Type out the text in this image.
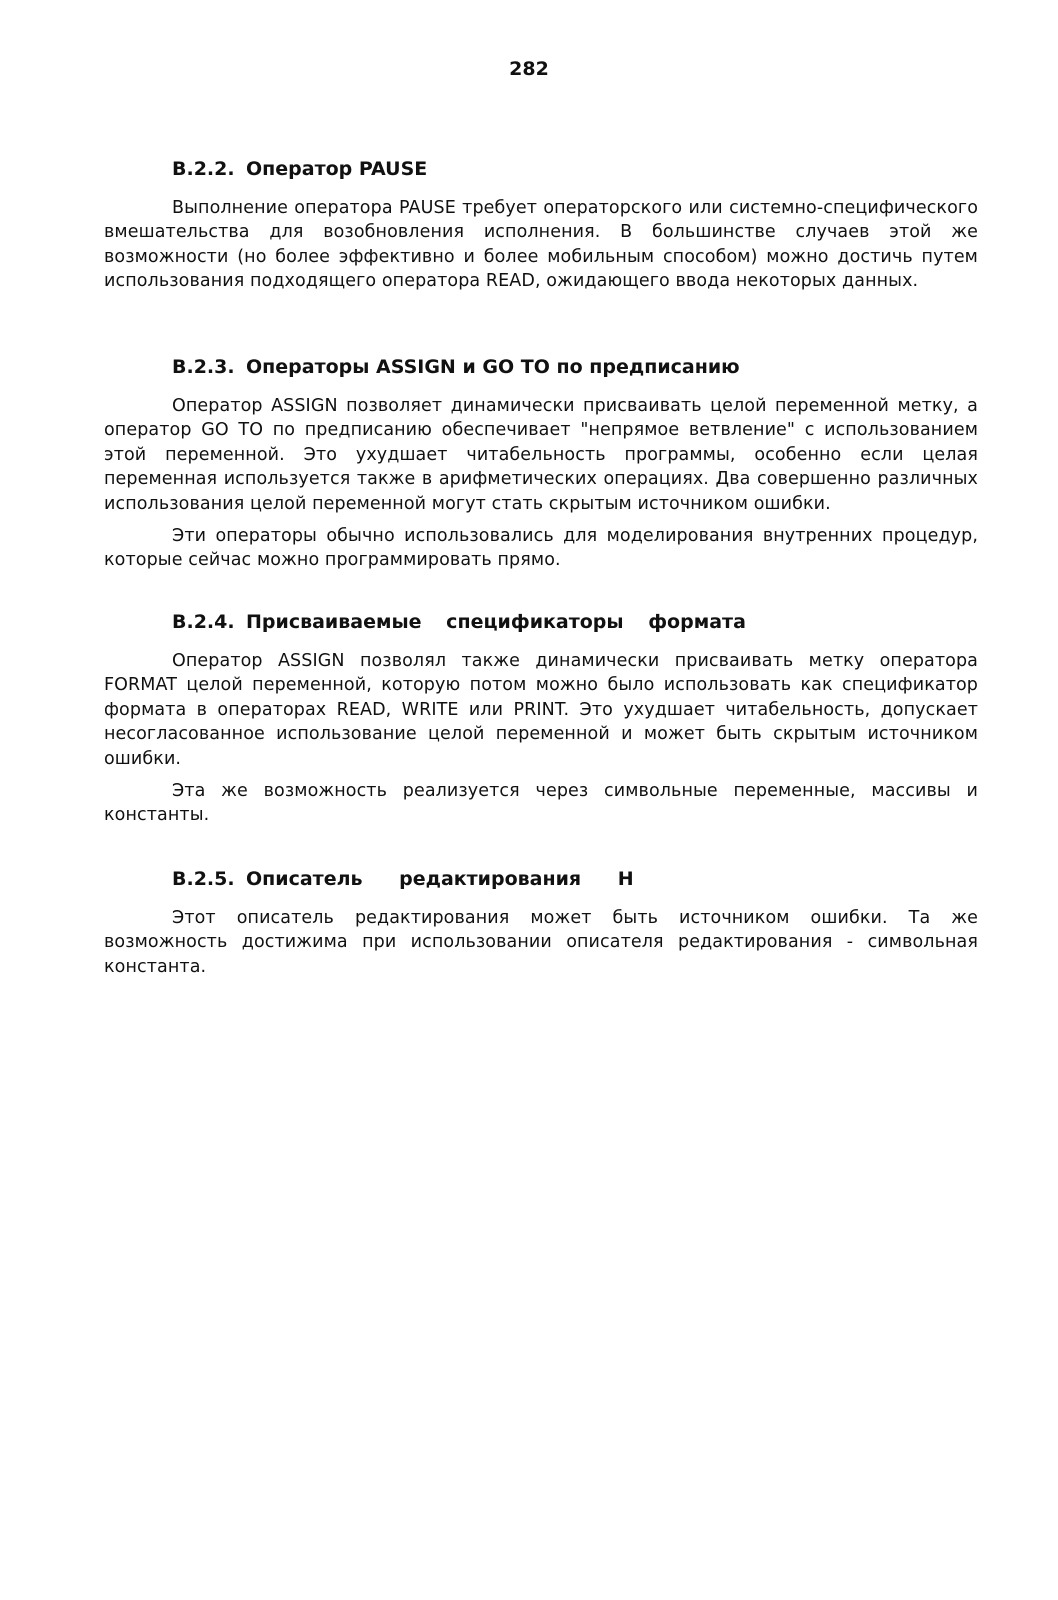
282
B.2.2. Оператор PAUSE

Выполнение оператора PAUSE требует операторского или системно-специфического вмешательства для возобновления исполнения. В большинстве случаев этой же возможности (но более эффективно и более мобильным способом) можно достичь путем использования подходящего оператора READ, ожидающего ввода некоторых данных.

B.2.3. Операторы ASSIGN и GO TO по предписанию

Оператор ASSIGN позволяет динамически присваивать целой переменной метку, а оператор GO TO по предписанию обеспечивает "непрямое ветвление" с использованием этой переменной. Это ухудшает читабельность программы, особенно если целая переменная используется также в арифметических операциях. Два совершенно различных использования целой переменной могут стать скрытым источником ошибки.

Эти операторы обычно использовались для моделирования внутренних процедур, которые сейчас можно программировать прямо.

B.2.4. Присваиваемые спецификаторы формата

Оператор ASSIGN позволял также динамически присваивать метку оператора FORMAT целой переменной, которую потом можно было использовать как спецификатор формата в операторах READ, WRITE или PRINT. Это ухудшает читабельность, допускает несогласованное использование целой переменной и может быть скрытым источником ошибки.

Эта же возможность реализуется через символьные переменные, массивы и константы.

B.2.5. Описатель редактирования H

Этот описатель редактирования может быть источником ошибки. Та же возможность достижима при использовании описателя редактирования - символьная константа.
